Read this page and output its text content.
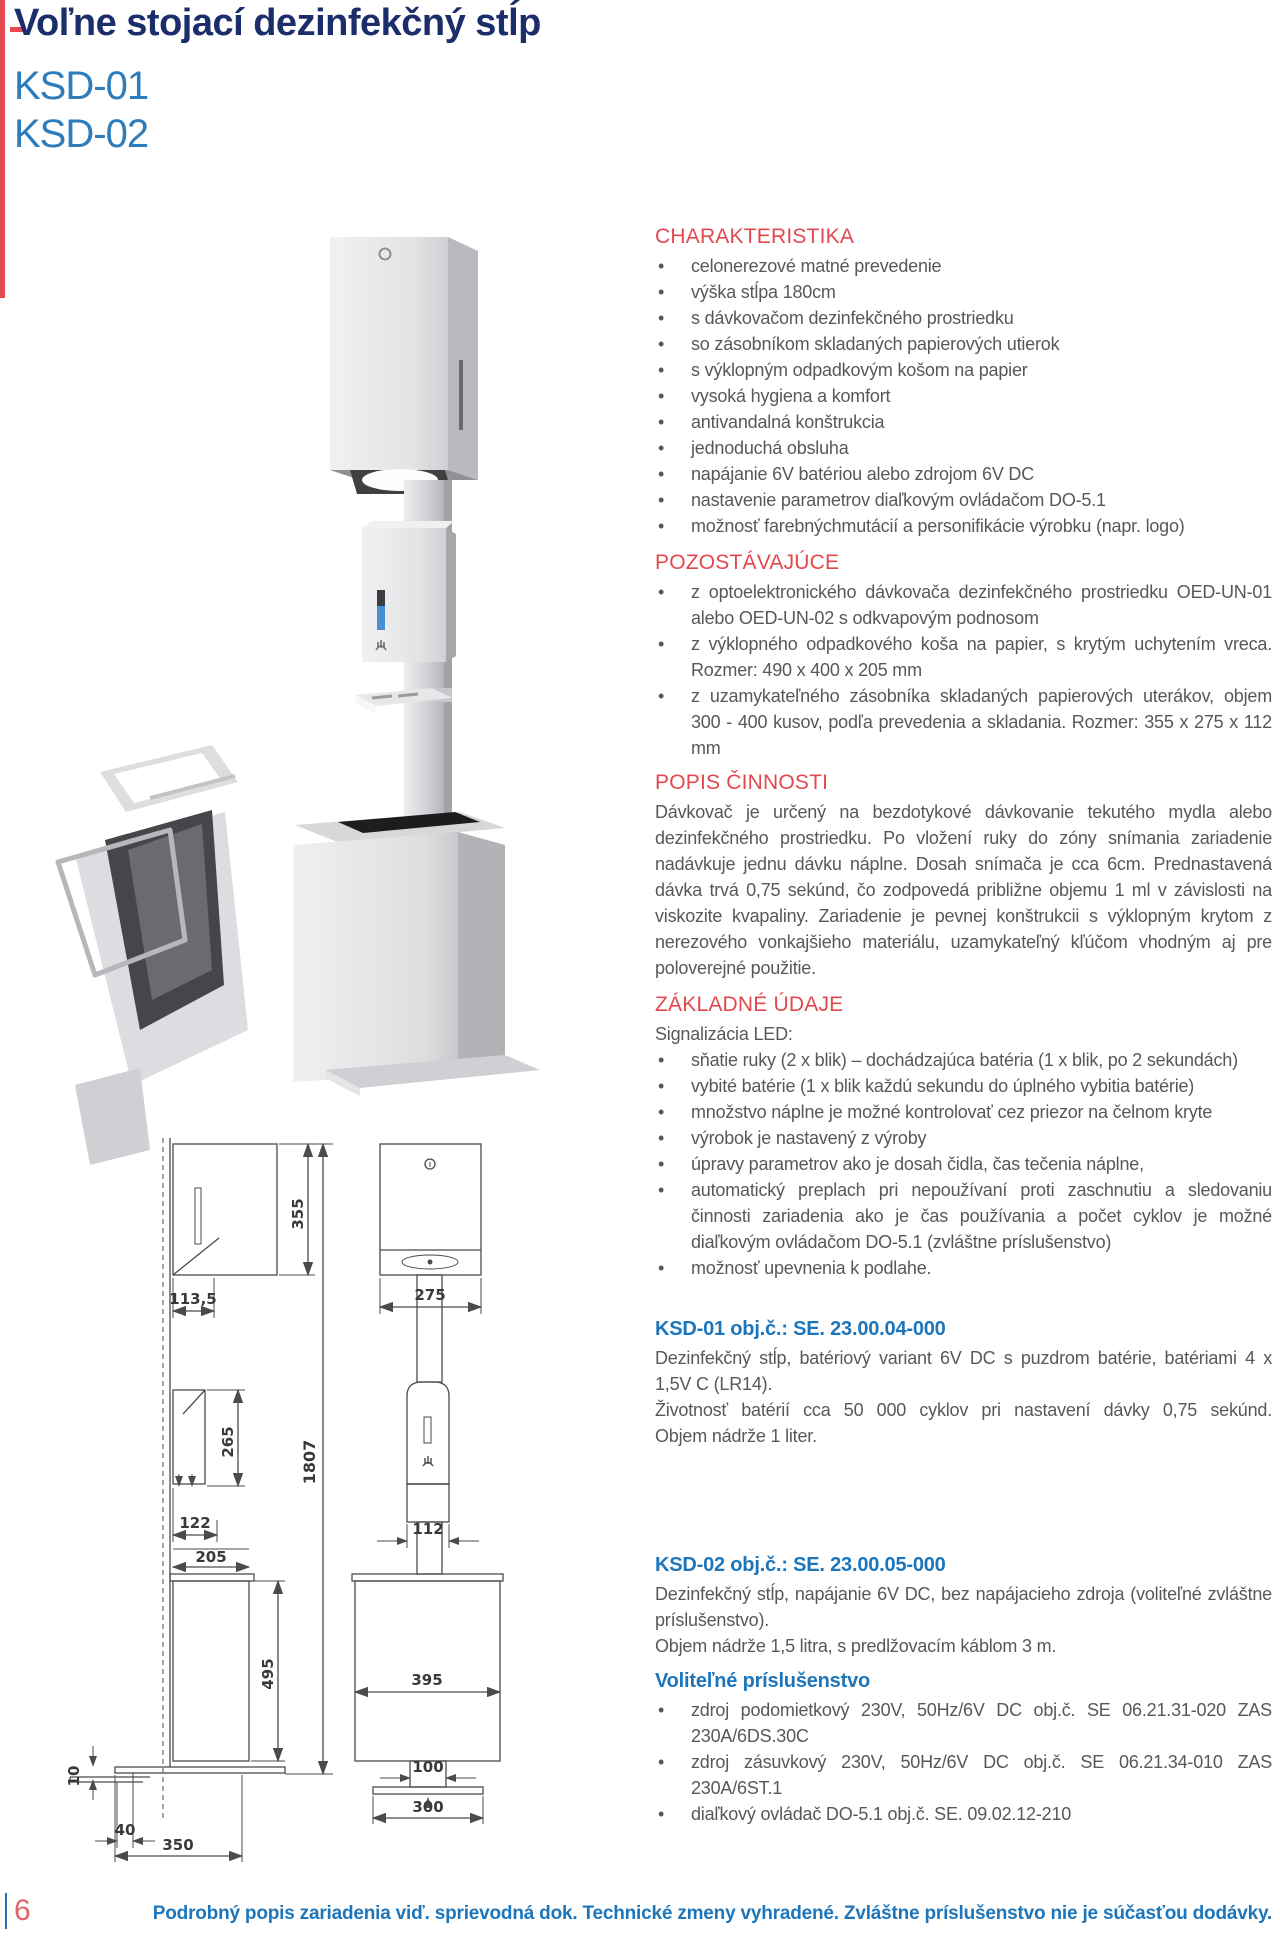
Voľne stojací dezinfekčný stĺp
KSD-01
KSD-02
355
113,5
265
122
205
495
10
40
350
1807
275
112
395
100
300
CHARAKTERISTIKA
• celonerezové matné prevedenie
• výška stĺpa 180cm
• s dávkovačom dezinfekčného prostriedku
• so zásobníkom skladaných papierových utierok
• s výklopným odpadkovým košom na papier
• vysoká hygiena a komfort
• antivandalná konštrukcia
• jednoduchá obsluha
• napájanie 6V batériou alebo zdrojom 6V DC
• nastavenie parametrov diaľkovým ovládačom DO-5.1
• možnosť farebnýchmutácií a personifikácie výrobku (napr. logo)
POZOSTÁVAJÚCE
• z optoelektronického dávkovača dezinfekčného prostriedku OED-UN-01 alebo OED-UN-02 s odkvapovým podnosom
• z výklopného odpadkového koša na papier, s krytým uchytením vreca. Rozmer: 490 x 400 x 205 mm
• z uzamykateľného zásobníka skladaných papierových uterákov, objem 300 - 400 kusov, podľa prevedenia a skladania. Rozmer: 355 x 275 x 112 mm
POPIS ČINNOSTI

Dávkovač je určený na bezdotykové dávkovanie tekutého mydla alebo dezinfekčného prostriedku. Po vložení ruky do zóny snímania zariadenie nadávkuje jednu dávku náplne. Dosah snímača je cca 6cm. Prednastavená dávka trvá 0,75 sekúnd, čo zodpovedá približne objemu 1 ml v závislosti na viskozite kvapaliny. Zariadenie je pevnej konštrukcii s výklopným krytom z nerezového vonkajšieho materiálu, uzamykateľný kľúčom vhodným aj pre poloverejné použitie.

ZÁKLADNÉ ÚDAJE

Signalizácia LED:

• sňatie ruky (2 x blik) – dochádzajúca batéria (1 x blik, po 2 sekundách)
• vybité batérie (1 x blik každú sekundu do úplného vybitia batérie)
• množstvo náplne je možné kontrolovať cez priezor na čelnom kryte
• výrobok je nastavený z výroby
• úpravy parametrov ako je dosah čidla, čas tečenia náplne,
• automatický preplach pri nepoužívaní proti zaschnutiu a sledovaniu činnosti zariadenia ako je čas používania a počet cyklov je možné diaľkovým ovládačom DO-5.1 (zvláštne príslušenstvo)
• možnosť upevnenia k podlahe.
KSD-01 obj.č.: SE. 23.00.04-000

Dezinfekčný stĺp, batériový variant 6V DC s puzdrom batérie, batériami 4 x 1,5V C (LR14).

Životnosť batérií cca 50 000 cyklov pri nastavení dávky 0,75 sekúnd.

Objem nádrže 1 liter.

KSD-02 obj.č.: SE. 23.00.05-000

Dezinfekčný stĺp, napájanie 6V DC, bez napájacieho zdroja (voliteľné zvláštne príslušenstvo).

Objem nádrže 1,5 litra, s predlžovacím káblom 3 m.

Voliteľné príslušenstvo
• zdroj podomietkový 230V, 50Hz/6V DC obj.č. SE 06.21.31-020 ZAS 230A/6DS.30C
• zdroj zásuvkový 230V, 50Hz/6V DC obj.č. SE 06.21.34-010 ZAS 230A/6ST.1
• diaľkový ovládač DO-5.1 obj.č. SE. 09.02.12-210
6	Podrobný popis zariadenia viď. sprievodná dok. Technické zmeny vyhradené. Zvláštne príslušenstvo nie je súčasťou dodávky.
